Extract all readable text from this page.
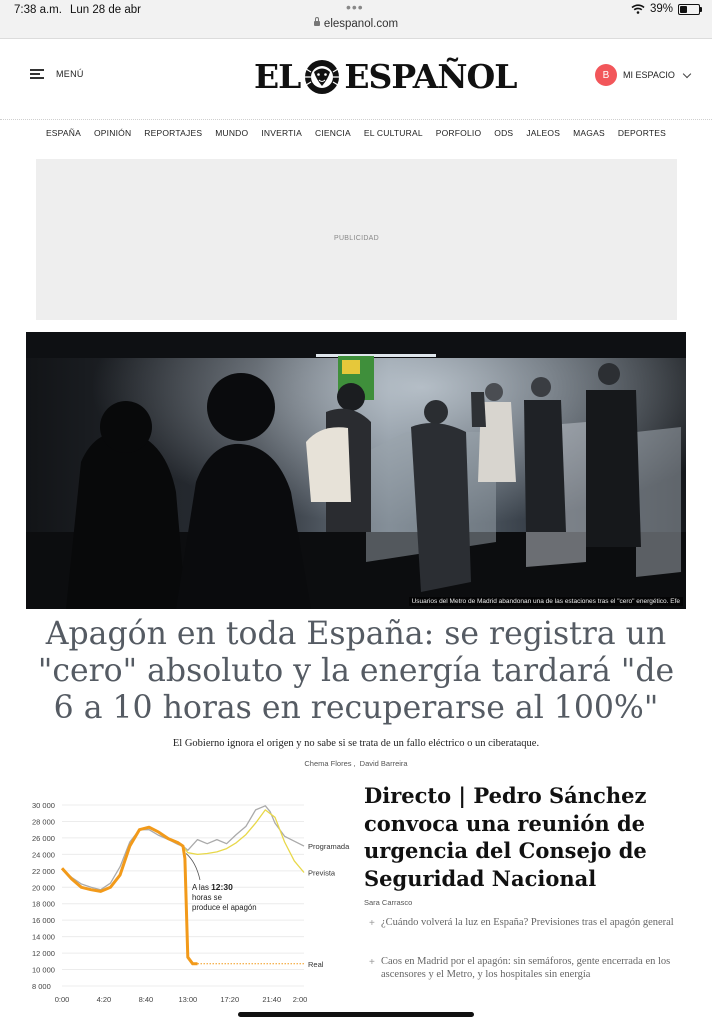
7:38 a.m. Lun 28 de abr	•••
elespanol.com
39%
MENÚ	EL ESPAÑOL	B	MI ESPACIO
ESPAÑA OPINIÓN REPORTAJES MUNDO INVERTIA CIENCIA EL CULTURAL PORFOLIO ODS JALEOS MAGAS DEPORTES
PUBLICIDAD
Usuarios del Metro de Madrid abandonan una de las estaciones tras el "cero" energético. Efe
Apagón en toda España: se registra un "cero" absoluto y la energía tardará "de 6 a 10 horas en recuperarse al 100%"
El Gobierno ignora el origen y no sabe si se trata de un fallo eléctrico o un ciberataque.
Chema Flores , David Barreira
30 000
28 000
26 000
24 000
22 000
20 000
18 000
16 000
14 000
12 000
10 000
8 000
0:00	4:20	8:40	13:00	17:20	21:40 2:00
Programada
Prevista
Real
A las 12:30
horas se
produce el apagón
Directo | Pedro Sánchez convoca una reunión de urgencia del Consejo de Seguridad Nacional
Sara Carrasco
+ ¿Cuándo volverá la luz en España? Previsiones tras el apagón general
+ Caos en Madrid por el apagón: sin semáforos, gente encerrada en los ascensores y el Metro, y los hospitales sin energía
